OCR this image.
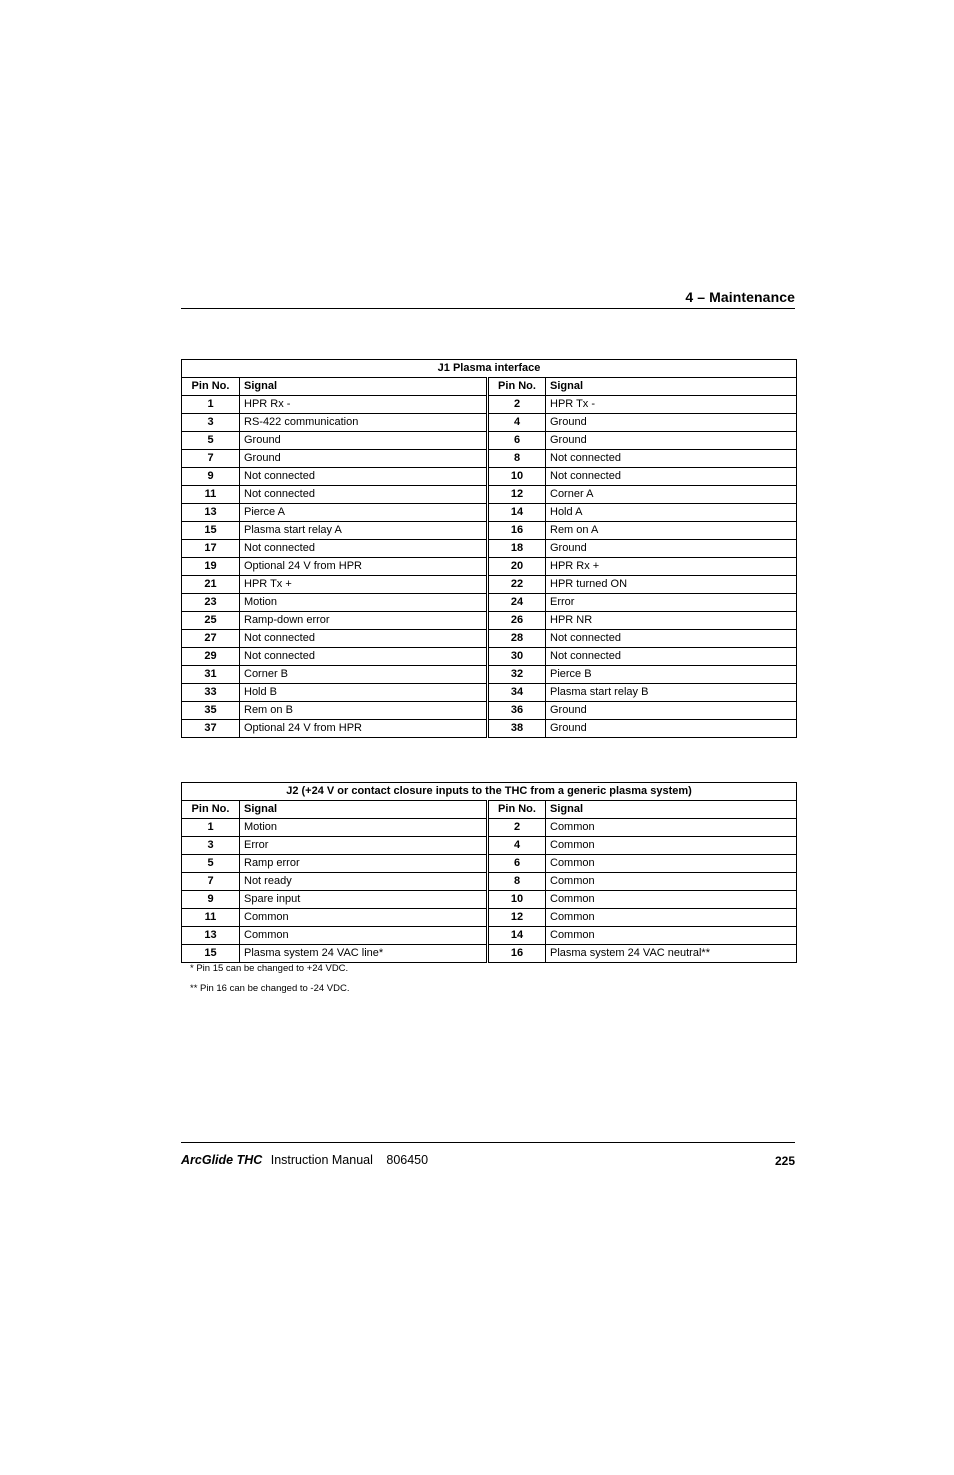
4 – Maintenance
J1 Plasma interface			
Pin No.	Signal	Pin No.	Signal
1	HPR Rx -	2	HPR Tx -
3	RS-422 communication	4	Ground
5	Ground	6	Ground
7	Ground	8	Not connected
9	Not connected	10	Not connected
11	Not connected	12	Corner A
13	Pierce A	14	Hold A
15	Plasma start relay A	16	Rem on A
17	Not connected	18	Ground
19	Optional 24 V from HPR	20	HPR Rx +
21	HPR Tx +	22	HPR turned ON
23	Motion	24	Error
25	Ramp-down error	26	HPR NR
27	Not connected	28	Not connected
29	Not connected	30	Not connected
31	Corner B	32	Pierce B
33	Hold B	34	Plasma start relay B
35	Rem on B	36	Ground
37	Optional 24 V from HPR	38	Ground
J2 (+24 V or contact closure inputs to the THC from a generic plasma system)			
Pin No.	Signal	Pin No.	Signal
1	Motion	2	Common
3	Error	4	Common
5	Ramp error	6	Common
7	Not ready	8	Common
9	Spare input	10	Common
11	Common	12	Common
13	Common	14	Common
15	Plasma system 24 VAC line*	16	Plasma system 24 VAC neutral**
* Pin 15 can be changed to +24 VDC.
** Pin 16 can be changed to -24 VDC.
ArcGlide THC Instruction Manual 806450	225
